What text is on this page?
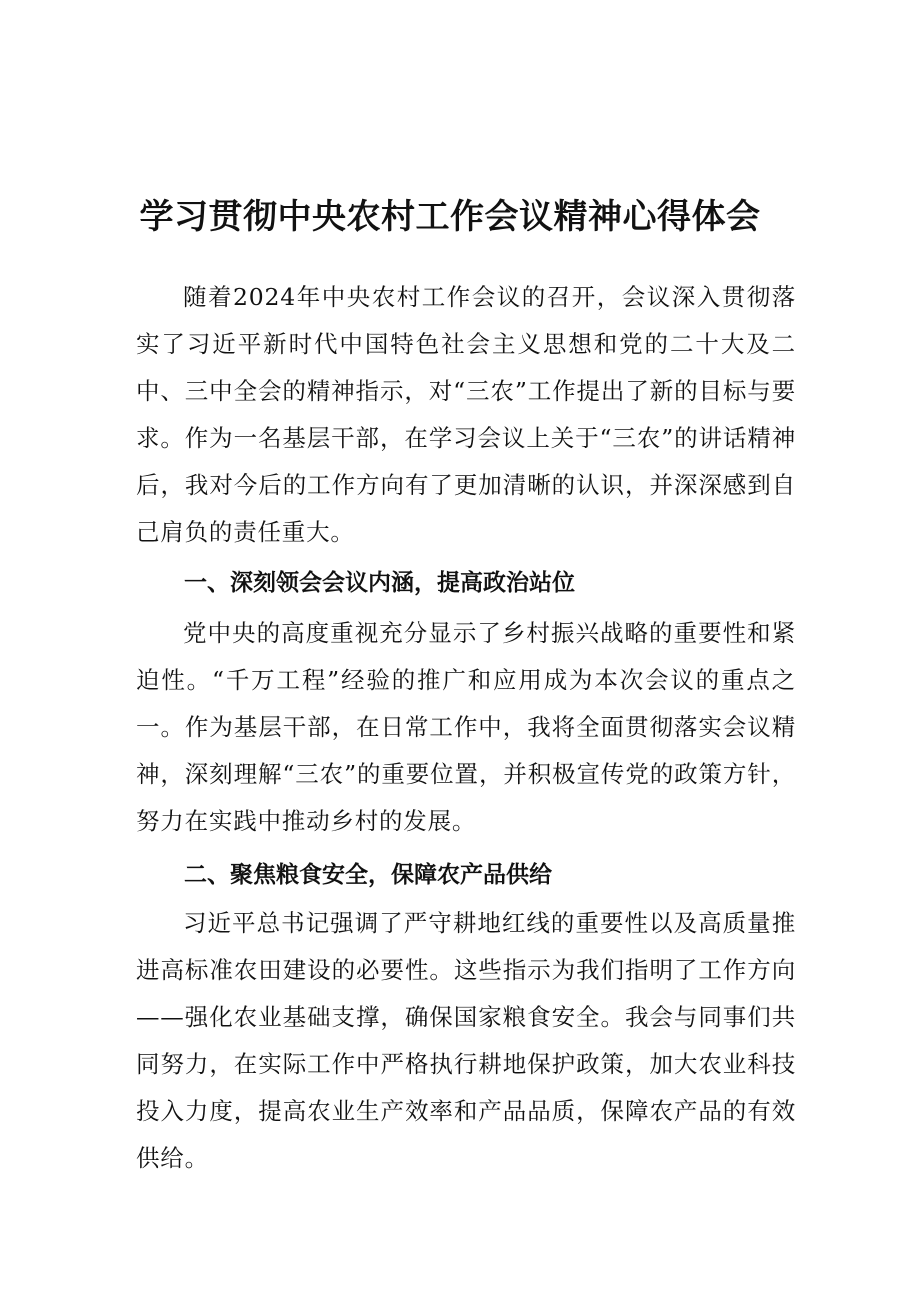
学习贯彻中央农村工作会议精神心得体会

随着2024年中央农村工作会议的召开，会议深入贯彻落实了习近平新时代中国特色社会主义思想和党的二十大及二中、三中全会的精神指示，对“三农”工作提出了新的目标与要求。作为一名基层干部，在学习会议上关于“三农”的讲话精神后，我对今后的工作方向有了更加清晰的认识，并深深感到自己肩负的责任重大。

一、深刻领会会议内涵，提高政治站位

党中央的高度重视充分显示了乡村振兴战略的重要性和紧迫性。“千万工程”经验的推广和应用成为本次会议的重点之一。作为基层干部，在日常工作中，我将全面贯彻落实会议精神，深刻理解“三农”的重要位置，并积极宣传党的政策方针，努力在实践中推动乡村的发展。

二、聚焦粮食安全，保障农产品供给

习近平总书记强调了严守耕地红线的重要性以及高质量推进高标准农田建设的必要性。这些指示为我们指明了工作方向——强化农业基础支撑，确保国家粮食安全。我会与同事们共同努力，在实际工作中严格执行耕地保护政策，加大农业科技投入力度，提高农业生产效率和产品品质，保障农产品的有效供给。
